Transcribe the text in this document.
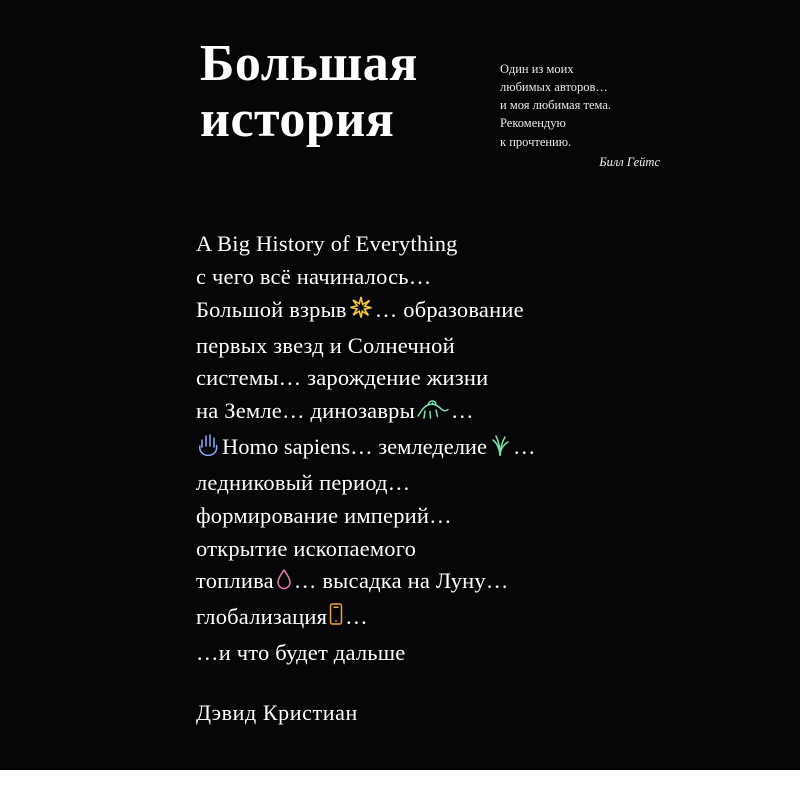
Большая
история
Один из моих
любимых авторов…
и моя любимая тема.
Рекомендую
к прочтению.
Билл Гейтс
A Big History of Everything
с чего всё начиналось…
Большой взрыв … образование
первых звезд и Солнечной
системы… зарождение жизни
на Земле… динозавры …
Homo sapiens… земледелие …
ледниковый период…
формирование империй…
открытие ископаемого
топлива … высадка на Луну…
глобализация …
…и что будет дальше
Дэвид Кристиан
